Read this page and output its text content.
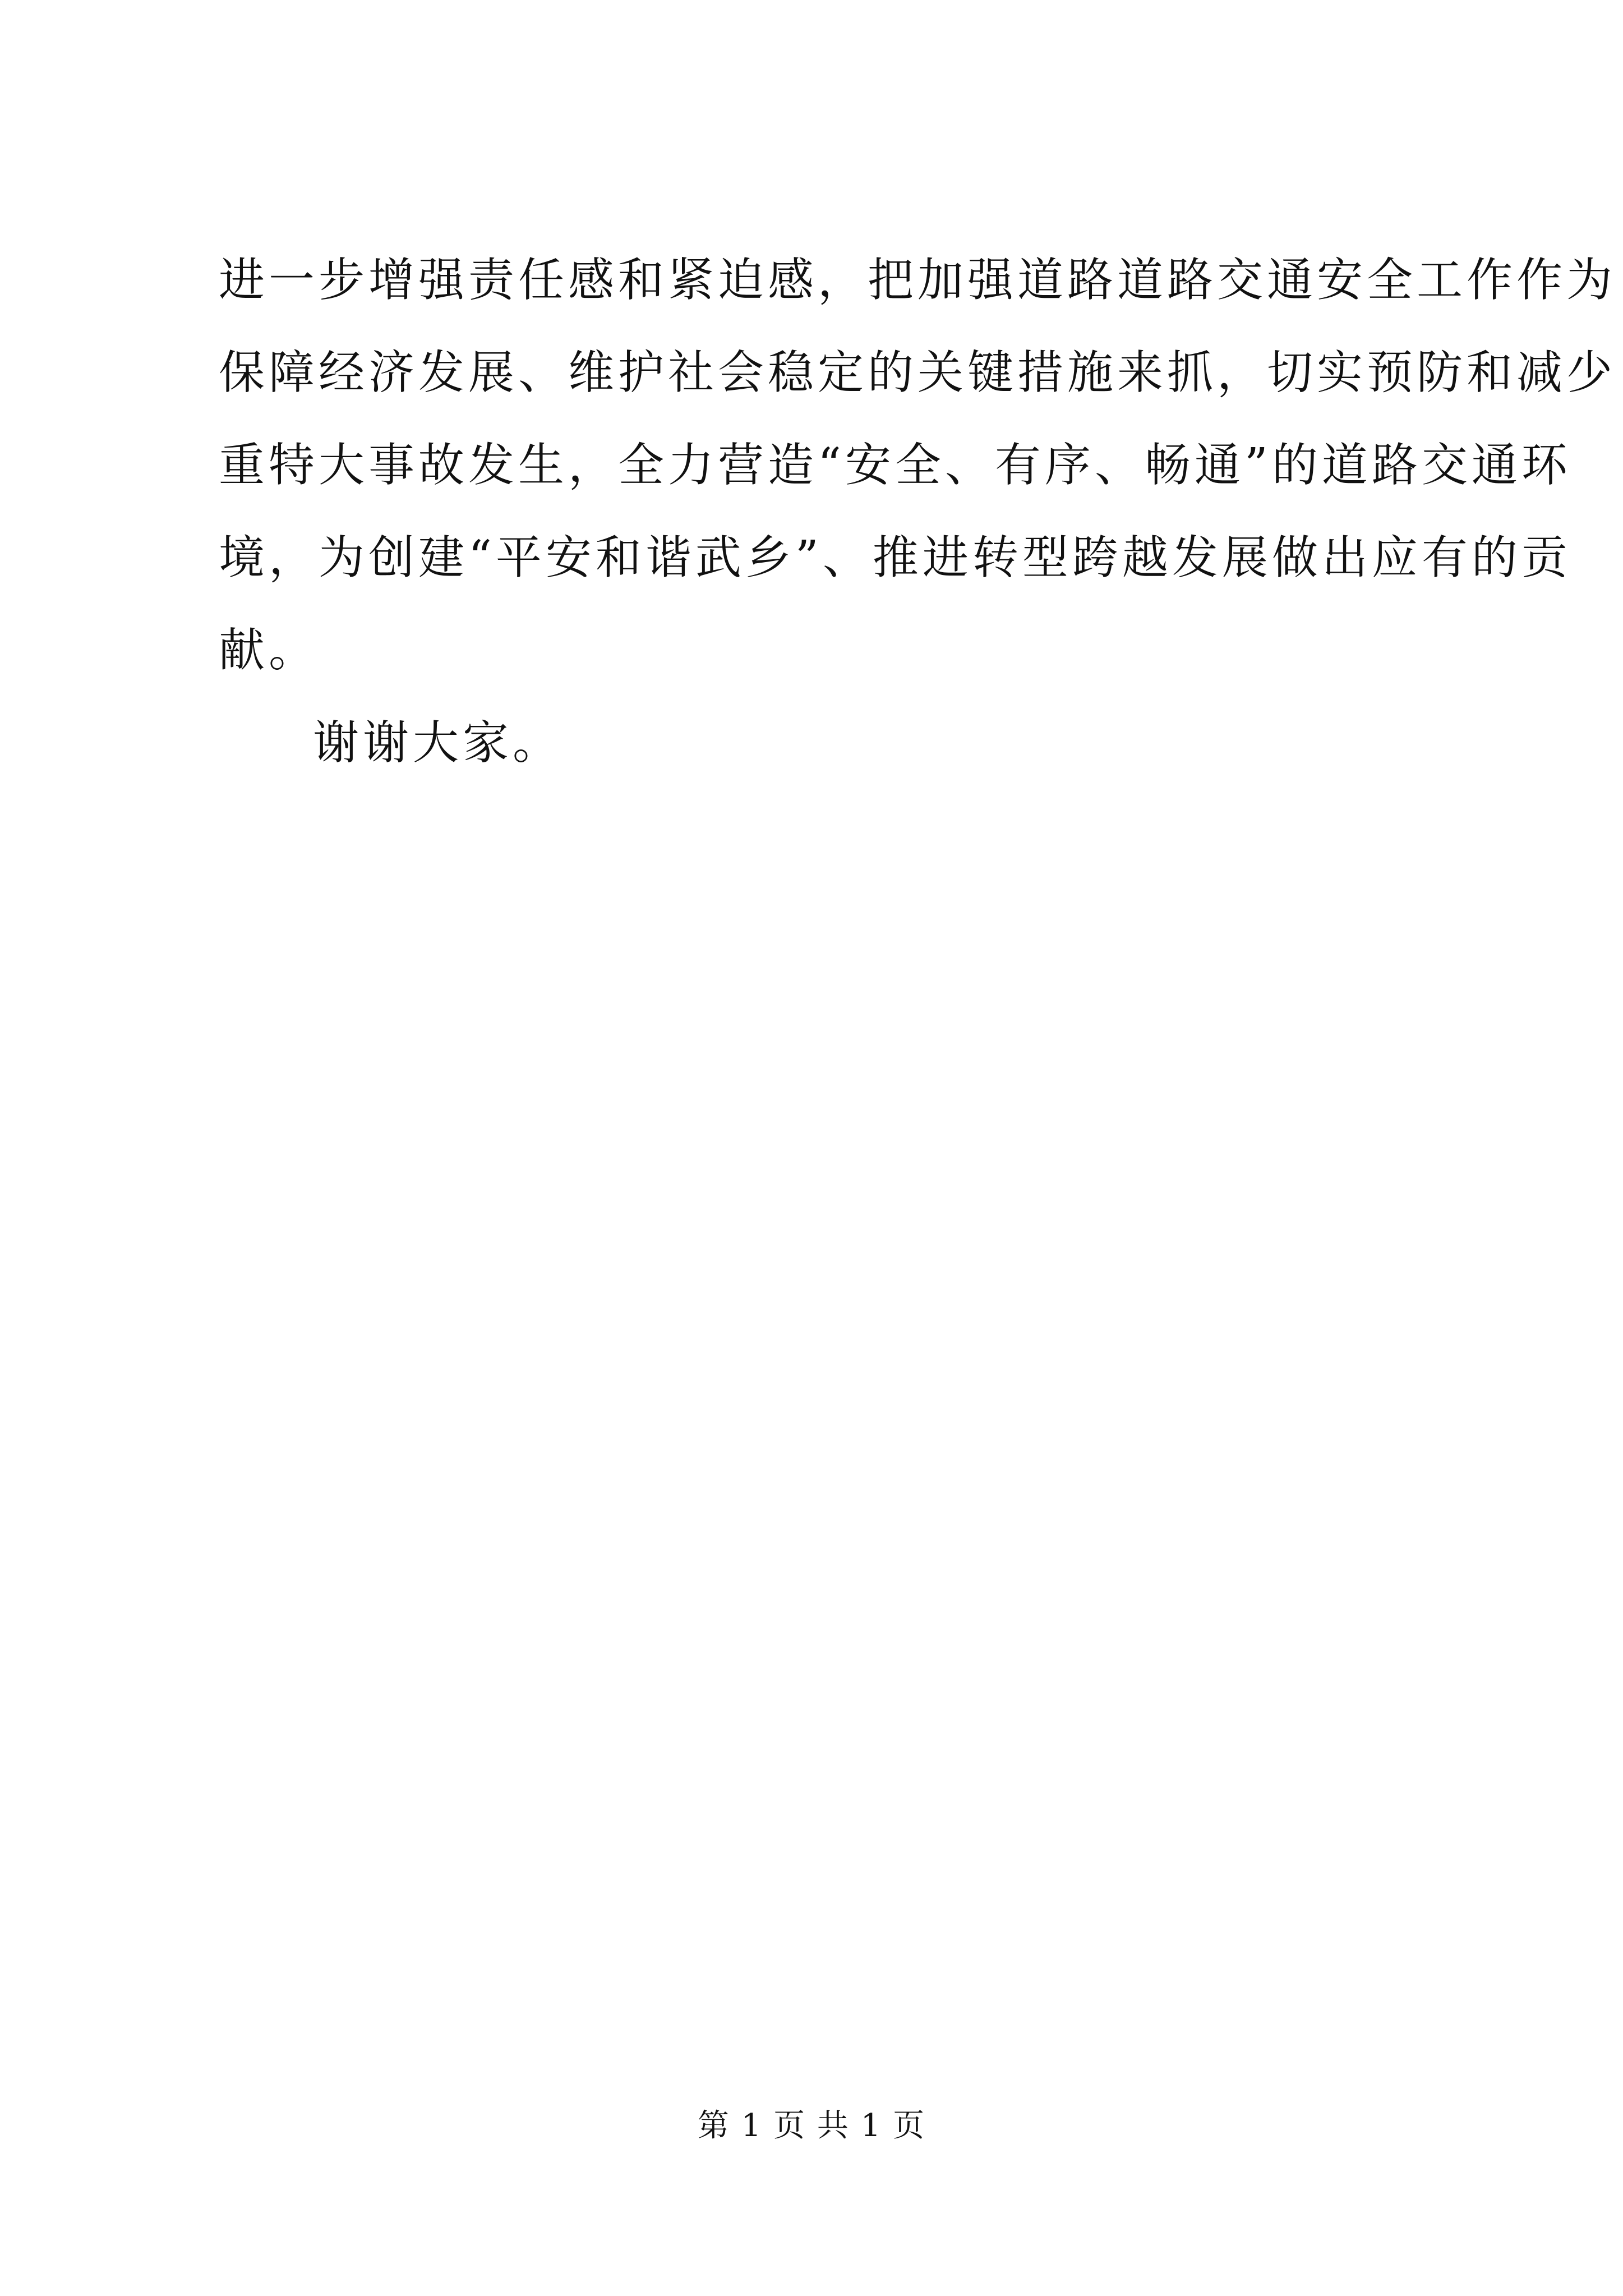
进一步增强责任感和紧迫感，把加强道路道路交通安全工作作为
保障经济发展、维护社会稳定的关键措施来抓，切实预防和减少
重特大事故发生，全力营造“安全、有序、畅通”的道路交通环
境，为创建“平安和谐武乡”、推进转型跨越发展做出应有的贡
献。
谢谢大家。
第 1 页 共 1 页
